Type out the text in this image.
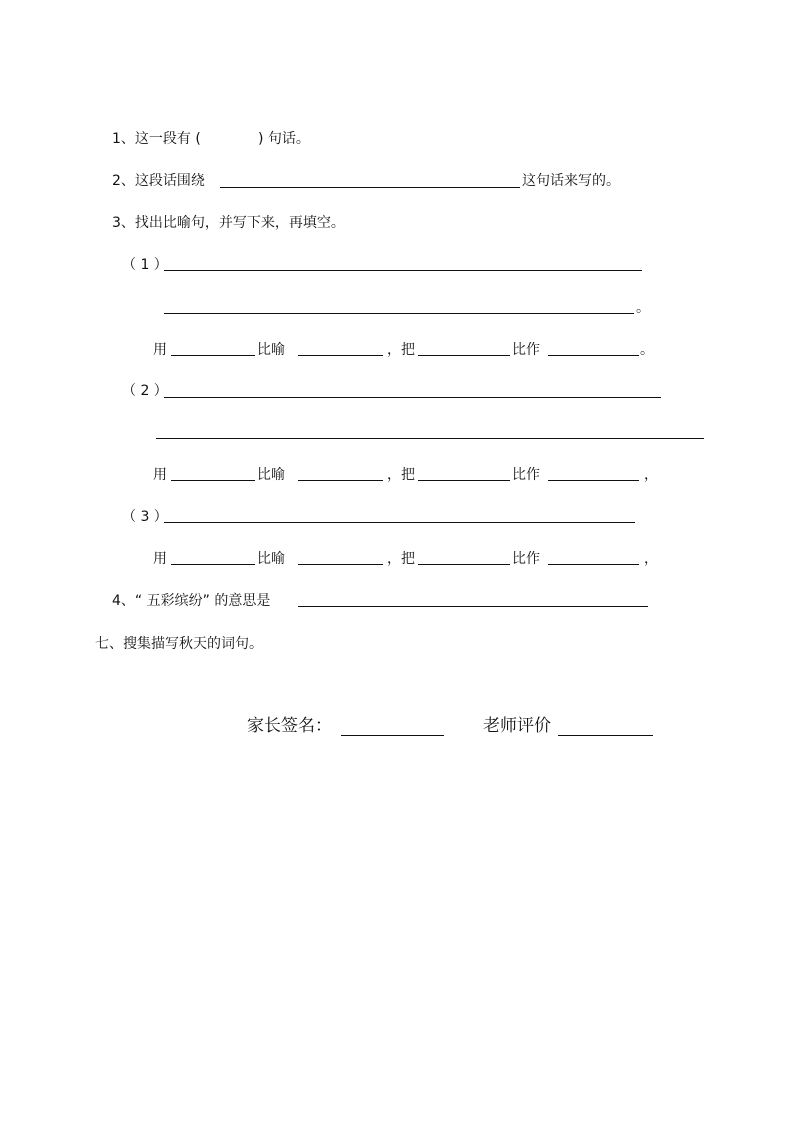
1、这一段有 (	) 句话。
2、这段话围绕	这句话来写的。
3、找出比喻句，并写下来，再填空。
（ 1 ）
。
用	比喻	，把	比作	。
（ 2 ）
用	比喻	，把	比作	，
（ 3 ）
用	比喻	，把	比作	，
4、“ 五彩缤纷” 的意思是
七、搜集描写秋天的词句。
家长签名：	老师评价
